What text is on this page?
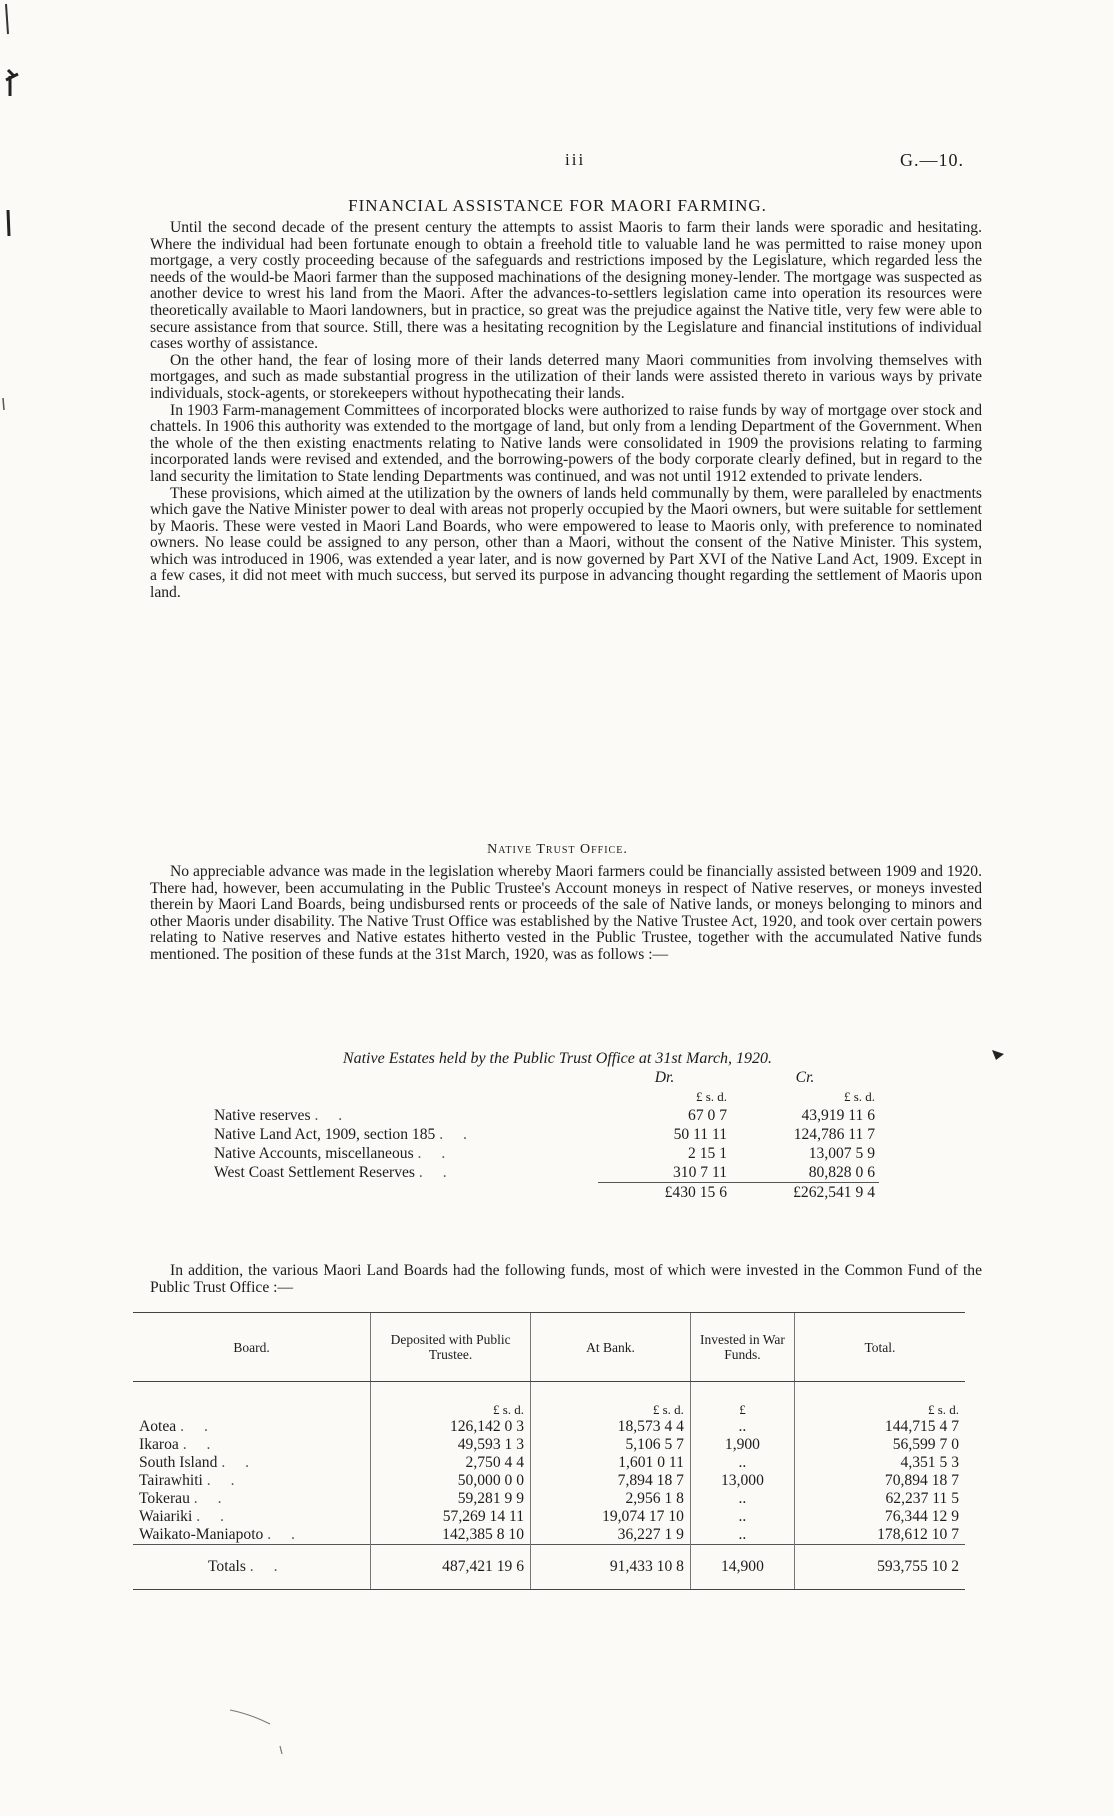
iii	G.—10.
FINANCIAL ASSISTANCE FOR MAORI FARMING.

Until the second decade of the present century the attempts to assist Maoris to farm their lands were sporadic and hesitating. Where the individual had been fortunate enough to obtain a freehold title to valuable land he was permitted to raise money upon mortgage, a very costly proceeding because of the safeguards and restrictions imposed by the Legislature, which regarded less the needs of the would-be Maori farmer than the supposed machinations of the designing money-lender. The mortgage was suspected as another device to wrest his land from the Maori. After the advances-to-settlers legislation came into operation its resources were theoretically available to Maori landowners, but in practice, so great was the prejudice against the Native title, very few were able to secure assistance from that source. Still, there was a hesitating recognition by the Legislature and financial institutions of individual cases worthy of assistance.

On the other hand, the fear of losing more of their lands deterred many Maori communities from involving themselves with mortgages, and such as made substantial progress in the utilization of their lands were assisted thereto in various ways by private individuals, stock-agents, or storekeepers without hypothecating their lands.

In 1903 Farm-management Committees of incorporated blocks were authorized to raise funds by way of mortgage over stock and chattels. In 1906 this authority was extended to the mortgage of land, but only from a lending Department of the Government. When the whole of the then existing enactments relating to Native lands were consolidated in 1909 the provisions relating to farming incorporated lands were revised and extended, and the borrowing-powers of the body corporate clearly defined, but in regard to the land security the limitation to State lending Departments was continued, and was not until 1912 extended to private lenders.

These provisions, which aimed at the utilization by the owners of lands held communally by them, were paralleled by enactments which gave the Native Minister power to deal with areas not properly occupied by the Maori owners, but were suitable for settlement by Maoris. These were vested in Maori Land Boards, who were empowered to lease to Maoris only, with preference to nominated owners. No lease could be assigned to any person, other than a Maori, without the consent of the Native Minister. This system, which was introduced in 1906, was extended a year later, and is now governed by Part XVI of the Native Land Act, 1909. Except in a few cases, it did not meet with much success, but served its purpose in advancing thought regarding the settlement of Maoris upon land.

Native Trust Office.

No appreciable advance was made in the legislation whereby Maori farmers could be financially assisted between 1909 and 1920. There had, however, been accumulating in the Public Trustee's Account moneys in respect of Native reserves, or moneys invested therein by Maori Land Boards, being undisbursed rents or proceeds of the sale of Native lands, or moneys belonging to minors and other Maoris under disability. The Native Trust Office was established by the Native Trustee Act, 1920, and took over certain powers relating to Native reserves and Native estates hitherto vested in the Public Trustee, together with the accumulated Native funds mentioned. The position of these funds at the 31st March, 1920, was as follows :—

Native Estates held by the Public Trust Office at 31st March, 1920.
	Dr.	Cr.
	£ s. d.	£ s. d.
Native reserves . .	67 0 7	43,919 11 6
Native Land Act, 1909, section 185 . .	50 11 11	124,786 11 7
Native Accounts, miscellaneous . .	2 15 1	13,007 5 9
West Coast Settlement Reserves . .	310 7 11	80,828 0 6
	£430 15 6	£262,541 9 4

In addition, the various Maori Land Boards had the following funds, most of which were invested in the Common Fund of the Public Trust Office :—

Board.	Deposited with Public Trustee.	At Bank.	Invested in War Funds.	Total.
	£ s. d.	£ s. d.	£	£ s. d.
Aotea . .	126,142 0 3	18,573 4 4	..	144,715 4 7
Ikaroa . .	49,593 1 3	5,106 5 7	1,900	56,599 7 0
South Island . .	2,750 4 4	1,601 0 11	..	4,351 5 3
Tairawhiti . .	50,000 0 0	7,894 18 7	13,000	70,894 18 7
Tokerau . .	59,281 9 9	2,956 1 8	..	62,237 11 5
Waiariki . .	57,269 14 11	19,074 17 10	..	76,344 12 9
Waikato-Maniapoto . .	142,385 8 10	36,227 1 9	..	178,612 10 7
Totals . .	487,421 19 6	91,433 10 8	14,900	593,755 10 2
